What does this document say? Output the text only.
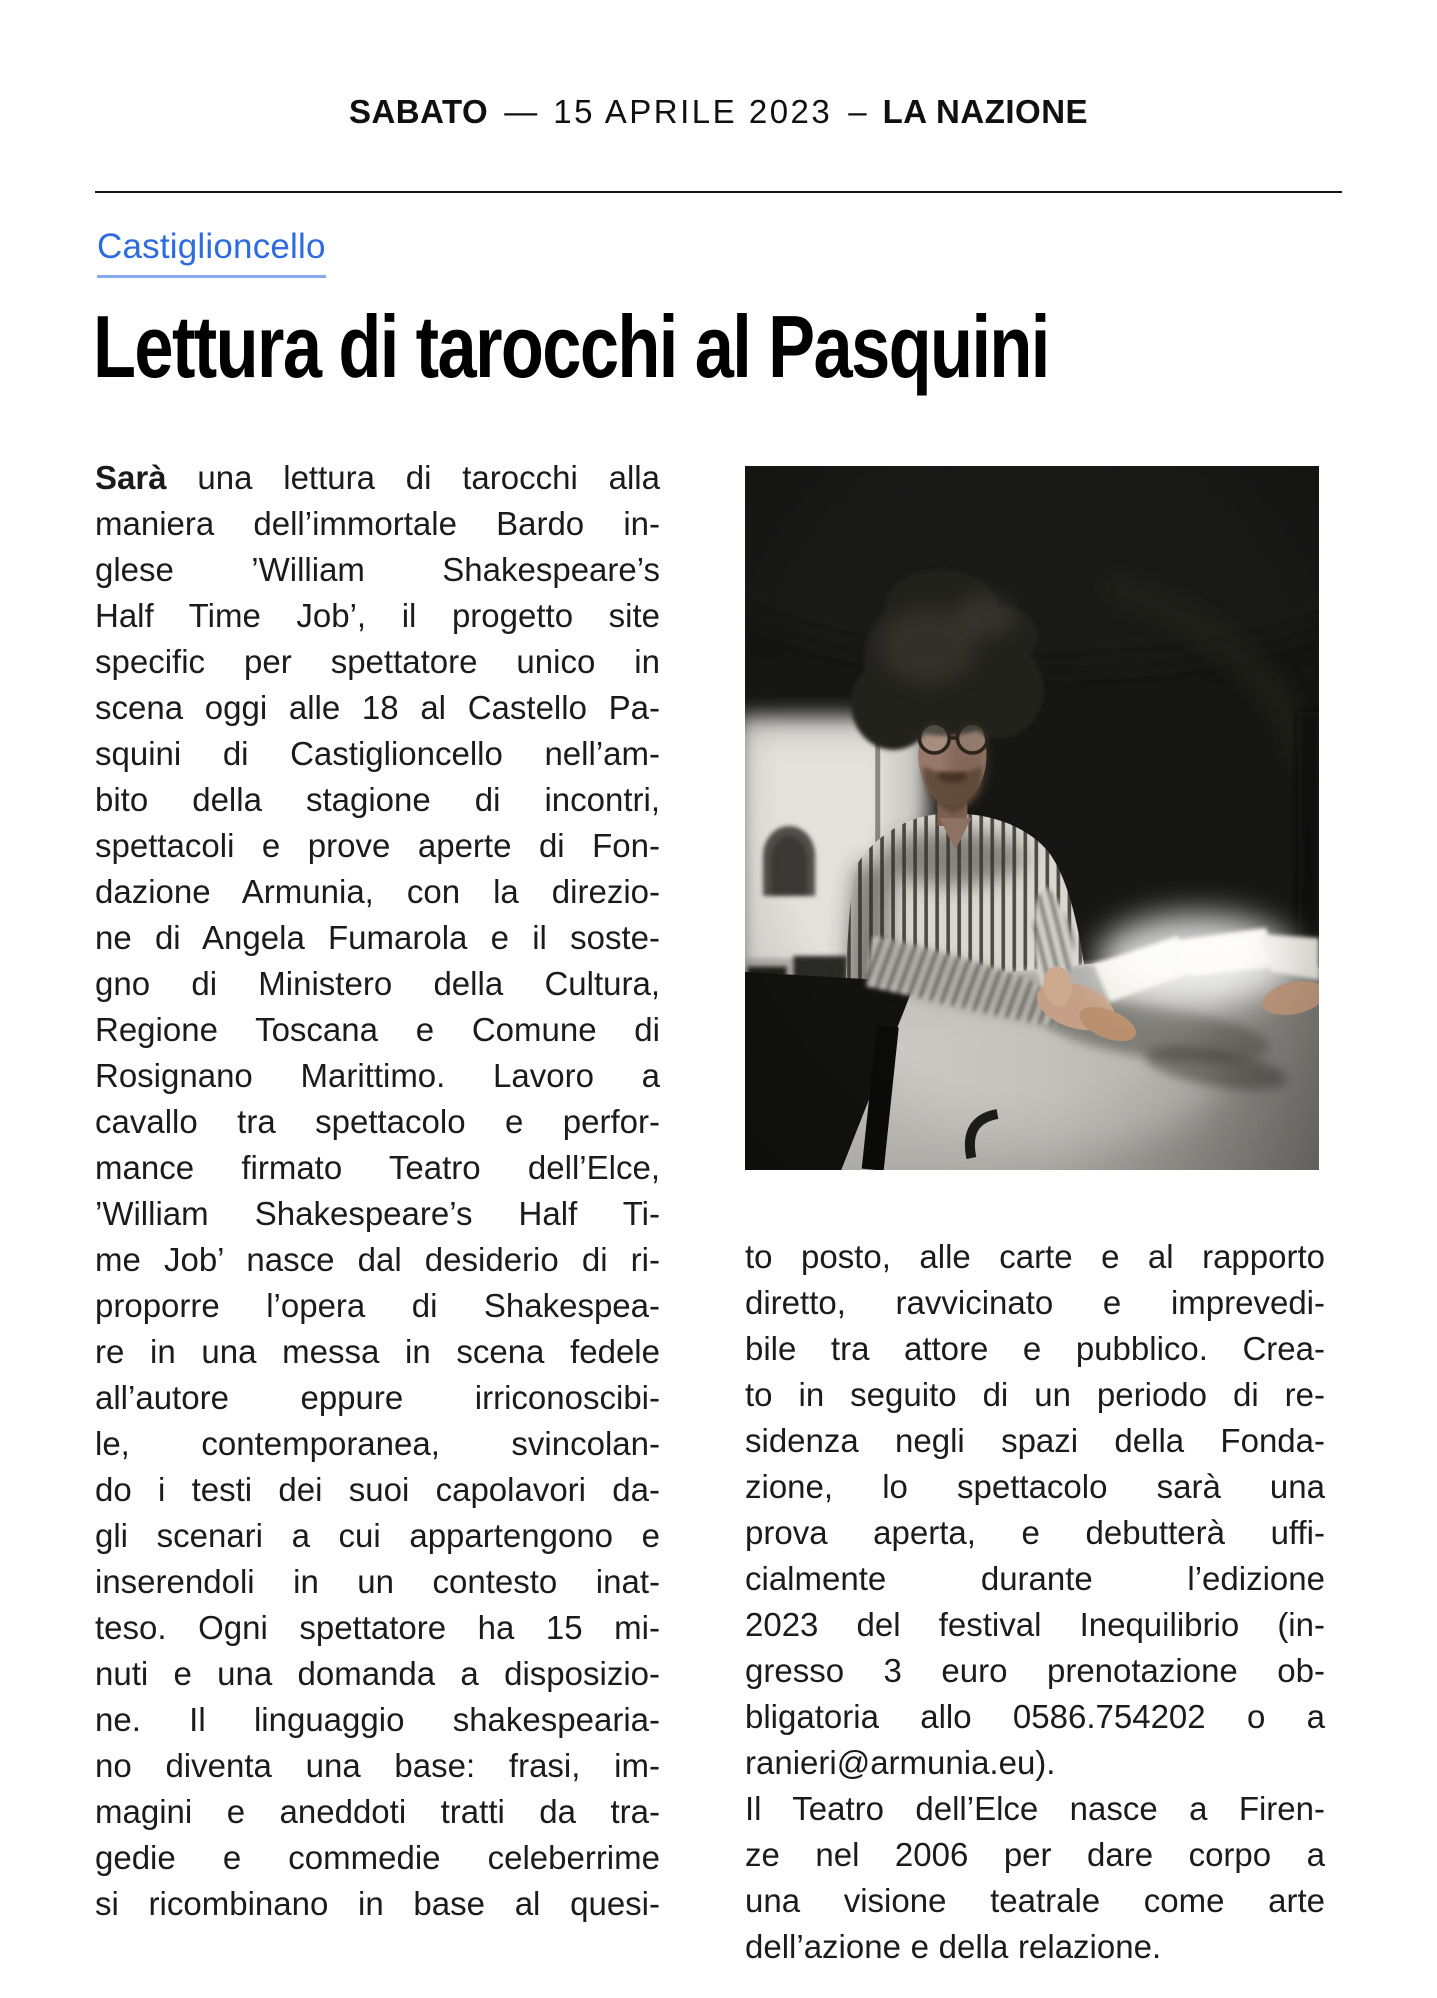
SABATO — 15 APRILE 2023 – LA NAZIONE
Castiglioncello
Lettura di tarocchi al Pasquini
Sarà una lettura di tarocchi alla
maniera dell’immortale Bardo in-
glese ’William Shakespeare’s
Half Time Job’, il progetto site
specific per spettatore unico in
scena oggi alle 18 al Castello Pa-
squini di Castiglioncello nell’am-
bito della stagione di incontri,
spettacoli e prove aperte di Fon-
dazione Armunia, con la direzio-
ne di Angela Fumarola e il soste-
gno di Ministero della Cultura,
Regione Toscana e Comune di
Rosignano Marittimo. Lavoro a
cavallo tra spettacolo e perfor-
mance firmato Teatro dell’Elce,
’William Shakespeare’s Half Ti-
me Job’ nasce dal desiderio di ri-
proporre l’opera di Shakespea-
re in una messa in scena fedele
all’autore eppure irriconoscibi-
le, contemporanea, svincolan-
do i testi dei suoi capolavori da-
gli scenari a cui appartengono e
inserendoli in un contesto inat-
teso. Ogni spettatore ha 15 mi-
nuti e una domanda a disposizio-
ne. Il linguaggio shakespearia-
no diventa una base: frasi, im-
magini e aneddoti tratti da tra-
gedie e commedie celeberrime
si ricombinano in base al quesi-
to posto, alle carte e al rapporto
diretto, ravvicinato e imprevedi-
bile tra attore e pubblico. Crea-
to in seguito di un periodo di re-
sidenza negli spazi della Fonda-
zione, lo spettacolo sarà una
prova aperta, e debutterà uffi-
cialmente durante l’edizione
2023 del festival Inequilibrio (in-
gresso 3 euro prenotazione ob-
bligatoria allo 0586.754202 o a
ranieri@armunia.eu).
Il Teatro dell’Elce nasce a Firen-
ze nel 2006 per dare corpo a
una visione teatrale come arte
dell’azione e della relazione.
